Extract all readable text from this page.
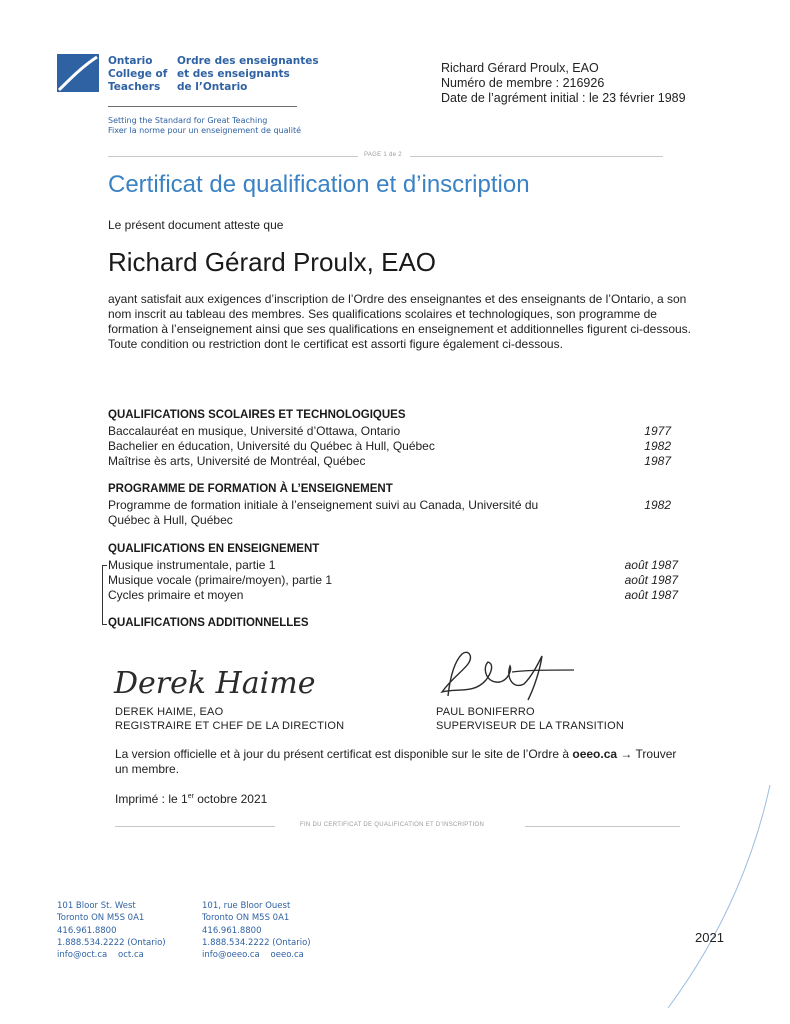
Ontario
College of
Teachers
Ordre des enseignantes
et des enseignants
de l’Ontario
Setting the Standard for Great Teaching
Fixer la norme pour un enseignement de qualité
Richard Gérard Proulx, EAO
Numéro de membre : 216926
Date de l’agrément initial : le 23 février 1989
PAGE 1 de 2
Certificat de qualification et d’inscription
Le présent document atteste que
Richard Gérard Proulx, EAO
ayant satisfait aux exigences d’inscription de l’Ordre des enseignantes et des enseignants de l’Ontario, a son nom inscrit au tableau des membres. Ses qualifications scolaires et technologiques, son programme de formation à l’enseignement ainsi que ses qualifications en enseignement et additionnelles figurent ci-dessous. Toute condition ou restriction dont le certificat est assorti figure également ci-dessous.
QUALIFICATIONS SCOLAIRES ET TECHNOLOGIQUES
Baccalauréat en musique, Université d’Ottawa, Ontario	1977
Bachelier en éducation, Université du Québec à Hull, Québec	1982
Maîtrise ès arts, Université de Montréal, Québec	1987
PROGRAMME DE FORMATION À L’ENSEIGNEMENT
Programme de formation initiale à l’enseignement suivi au Canada, Université du
Québec à Hull, Québec
1982
QUALIFICATIONS EN ENSEIGNEMENT
Musique instrumentale, partie 1	août 1987
Musique vocale (primaire/moyen), partie 1	août 1987
Cycles primaire et moyen	août 1987
QUALIFICATIONS ADDITIONNELLES
Derek Haime
DEREK HAIME, EAO
REGISTRAIRE ET CHEF DE LA DIRECTION
PAUL BONIFERRO
SUPERVISEUR DE LA TRANSITION
La version officielle et à jour du présent certificat est disponible sur le site de l’Ordre à oeeo.ca → Trouver un membre.
Imprimé : le 1er octobre 2021
FIN DU CERTIFICAT DE QUALIFICATION ET D’INSCRIPTION
101 Bloor St. West
Toronto ON M5S 0A1
416.961.8800
1.888.534.2222 (Ontario)
info@oct.ca    oct.ca
101, rue Bloor Ouest
Toronto ON M5S 0A1
416.961.8800
1.888.534.2222 (Ontario)
info@oeeo.ca    oeeo.ca
2021
